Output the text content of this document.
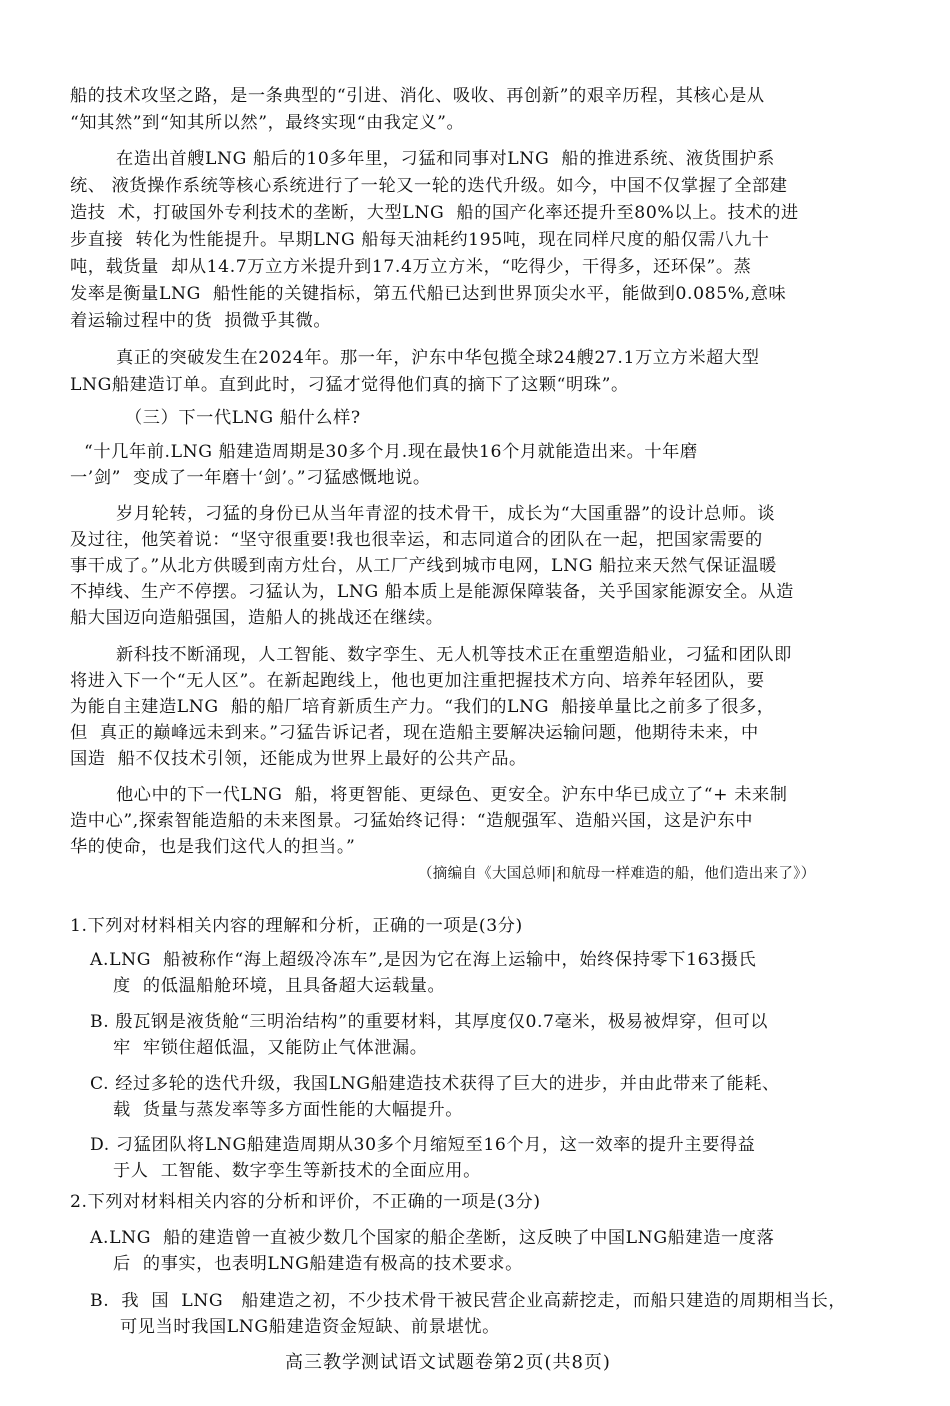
船的技术攻坚之路，是一条典型的“引进、消化、吸收、再创新”的艰辛历程，其核心是从
“知其然”到“知其所以然”，最终实现“由我定义”。
在造出首艘LNG 船后的10多年里，刁猛和同事对LNG  船的推进系统、液货围护系
统、 液货操作系统等核心系统进行了一轮又一轮的迭代升级。如今，中国不仅掌握了全部建
造技  术，打破国外专利技术的垄断，大型LNG  船的国产化率还提升至80%以上。技术的进
步直接  转化为性能提升。早期LNG 船每天油耗约195吨，现在同样尺度的船仅需八九十
吨，载货量  却从14.7万立方米提升到17.4万立方米，“吃得少，干得多，还环保”。蒸
发率是衡量LNG  船性能的关键指标，第五代船已达到世界顶尖水平，能做到0.085%,意味
着运输过程中的货  损微乎其微。
真正的突破发生在2024年。那一年，沪东中华包揽全球24艘27.1万立方米超大型
LNG船建造订单。直到此时，刁猛才觉得他们真的摘下了这颗“明珠”。
（三）下一代LNG 船什么样?
“十几年前.LNG 船建造周期是30多个月.现在最快16个月就能造出来。十年磨
一’剑”  变成了一年磨十‘剑’。”刁猛感慨地说。
岁月轮转，刁猛的身份已从当年青涩的技术骨干，成长为“大国重器”的设计总师。谈
及过往，他笑着说：“坚守很重要!我也很幸运，和志同道合的团队在一起，把国家需要的
事干成了。”从北方供暖到南方灶台，从工厂产线到城市电网，LNG 船拉来天然气保证温暖
不掉线、生产不停摆。刁猛认为，LNG 船本质上是能源保障装备，关乎国家能源安全。从造
船大国迈向造船强国，造船人的挑战还在继续。
新科技不断涌现，人工智能、数字孪生、无人机等技术正在重塑造船业，刁猛和团队即
将进入下一个“无人区”。在新起跑线上，他也更加注重把握技术方向、培养年轻团队，要
为能自主建造LNG  船的船厂培育新质生产力。“我们的LNG  船接单量比之前多了很多，
但  真正的巅峰远未到来。”刁猛告诉记者，现在造船主要解决运输问题，他期待未来，中
国造  船不仅技术引领，还能成为世界上最好的公共产品。
他心中的下一代LNG  船，将更智能、更绿色、更安全。沪东中华已成立了“+ 未来制
造中心”,探索智能造船的未来图景。刁猛始终记得：“造舰强军、造船兴国，这是沪东中
华的使命，也是我们这代人的担当。”
（摘编自《大国总师|和航母一样难造的船，他们造出来了》）
1.下列对材料相关内容的理解和分析，正确的一项是(3分)
A.LNG  船被称作“海上超级冷冻车”,是因为它在海上运输中，始终保持零下163摄氏
度  的低温船舱环境，且具备超大运载量。
B. 殷瓦钢是液货舱“三明治结构”的重要材料，其厚度仅0.7毫米，极易被焊穿，但可以
牢  牢锁住超低温，又能防止气体泄漏。
C. 经过多轮的迭代升级，我国LNG船建造技术获得了巨大的进步，并由此带来了能耗、
载  货量与蒸发率等多方面性能的大幅提升。
D. 刁猛团队将LNG船建造周期从30多个月缩短至16个月，这一效率的提升主要得益
于人  工智能、数字孪生等新技术的全面应用。
2.下列对材料相关内容的分析和评价，不正确的一项是(3分)
A.LNG  船的建造曾一直被少数几个国家的船企垄断，这反映了中国LNG船建造一度落
后  的事实，也表明LNG船建造有极高的技术要求。
B.  我  国  LNG   船建造之初，不少技术骨干被民营企业高薪挖走，而船只建造的周期相当长，
可见当时我国LNG船建造资金短缺、前景堪忧。
高三教学测试语文试题卷第2页(共8页)
